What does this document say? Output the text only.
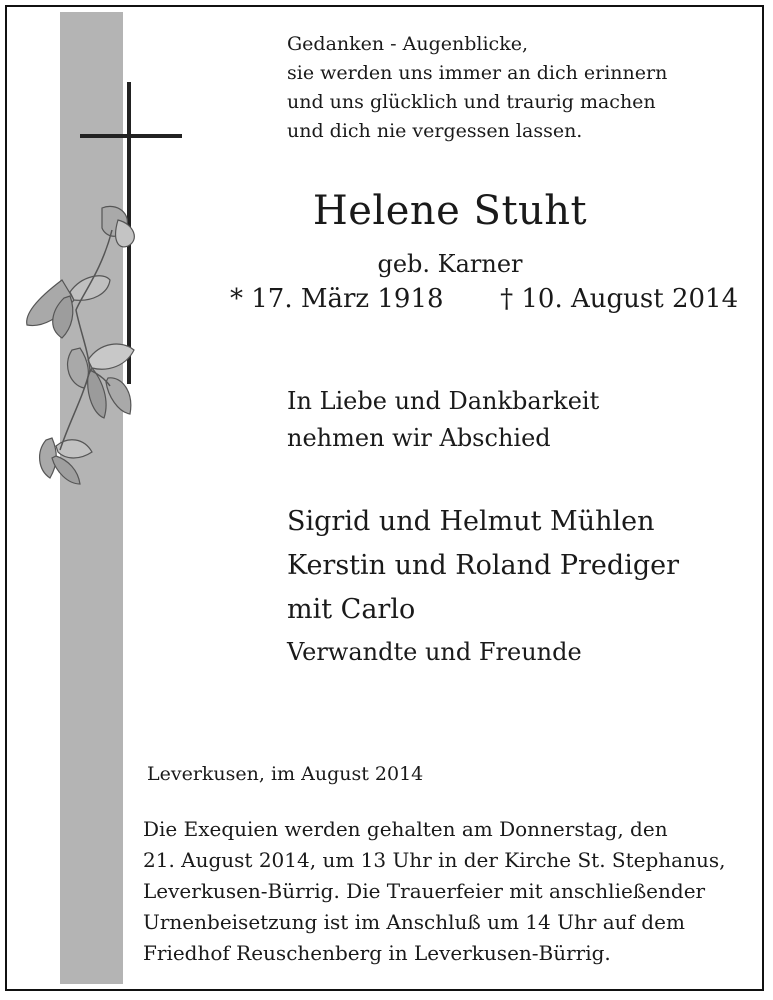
Gedanken - Augenblicke,
sie werden uns immer an dich erinnern
und uns glücklich und traurig machen
und dich nie vergessen lassen.
Helene Stuht
geb. Karner
* 17. März 1918 † 10. August 2014
In Liebe und Dankbarkeit
nehmen wir Abschied
Sigrid und Helmut Mühlen
Kerstin und Roland Prediger
mit Carlo
Verwandte und Freunde
Leverkusen, im August 2014
Die Exequien werden gehalten am Donnerstag, den
21. August 2014, um 13 Uhr in der Kirche St. Stephanus,
Leverkusen-Bürrig. Die Trauerfeier mit anschließender
Urnenbeisetzung ist im Anschluß um 14 Uhr auf dem
Friedhof Reuschenberg in Leverkusen-Bürrig.
